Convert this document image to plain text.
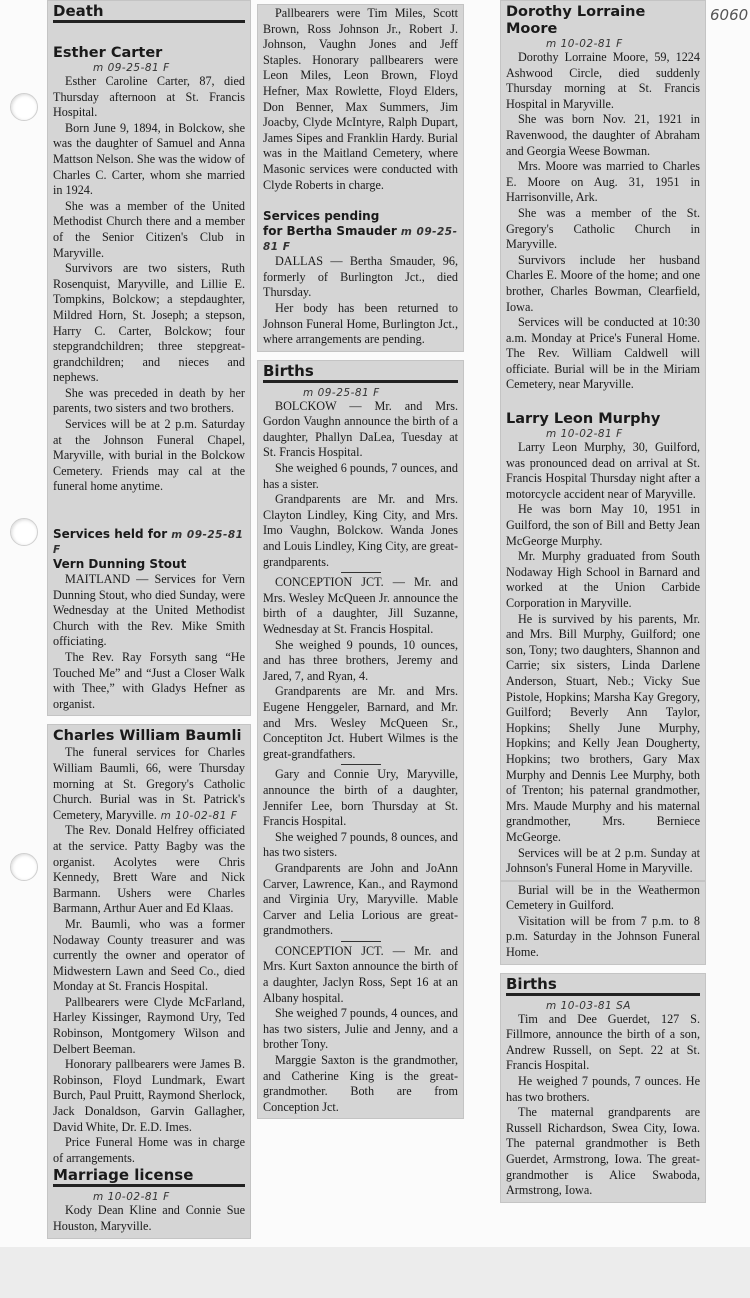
6060
Death
Esther Carter
m 09-25-81 F

Esther Caroline Carter, 87, died Thursday afternoon at St. Francis Hospital.

Born June 9, 1894, in Bolckow, she was the daughter of Samuel and Anna Mattson Nelson. She was the widow of Charles C. Carter, whom she married in 1924.

She was a member of the United Methodist Church there and a member of the Senior Citizen's Club in Maryville.

Survivors are two sisters, Ruth Rosenquist, Maryville, and Lillie E. Tompkins, Bolckow; a stepdaughter, Mildred Horn, St. Joseph; a stepson, Harry C. Carter, Bolckow; four stepgrandchildren; three stepgreat-grandchildren; and nieces and nephews.

She was preceded in death by her parents, two sisters and two brothers.

Services will be at 2 p.m. Saturday at the Johnson Funeral Chapel, Maryville, with burial in the Bolckow Cemetery. Friends may cal at the funeral home anytime.

Services held for m 09-25-81 F
Vern Dunning Stout

MAITLAND — Services for Vern Dunning Stout, who died Sunday, were Wednesday at the United Methodist Church with the Rev. Mike Smith officiating.

The Rev. Ray Forsyth sang “He Touched Me” and “Just a Closer Walk with Thee,” with Gladys Hefner as organist.

Charles William Baumli

The funeral services for Charles William Baumli, 66, were Thursday morning at St. Gregory's Catholic Church. Burial was in St. Patrick's Cemetery, Maryville. m 10-02-81 F

The Rev. Donald Helfrey officiated at the service. Patty Bagby was the organist. Acolytes were Chris Kennedy, Brett Ware and Nick Barmann. Ushers were Charles Barmann, Arthur Auer and Ed Klaas.

Mr. Baumli, who was a former Nodaway County treasurer and was currently the owner and operator of Midwestern Lawn and Seed Co., died Monday at St. Francis Hospital.

Pallbearers were Clyde McFarland, Harley Kissinger, Raymond Ury, Ted Robinson, Montgomery Wilson and Delbert Beeman.

Honorary pallbearers were James B. Robinson, Floyd Lundmark, Ewart Burch, Paul Pruitt, Raymond Sherlock, Jack Donaldson, Garvin Gallagher, David White, Dr. E.D. Imes.

Price Funeral Home was in charge of arrangements.

Marriage license
m 10-02-81 F

Kody Dean Kline and Connie Sue Houston, Maryville.

Pallbearers were Tim Miles, Scott Brown, Ross Johnson Jr., Robert J. Johnson, Vaughn Jones and Jeff Staples. Honorary pallbearers were Leon Miles, Leon Brown, Floyd Hefner, Max Rowlette, Floyd Elders, Don Benner, Max Summers, Jim Joacby, Clyde McIntyre, Ralph Dupart, James Sipes and Franklin Hardy. Burial was in the Maitland Cemetery, where Masonic services were conducted with Clyde Roberts in charge.

Services pending
for Bertha Smauder m 09-25-81 F

DALLAS — Bertha Smauder, 96, formerly of Burlington Jct., died Thursday.

Her body has been returned to Johnson Funeral Home, Burlington Jct., where arrangements are pending.

Births
m 09-25-81 F

BOLCKOW — Mr. and Mrs. Gordon Vaughn announce the birth of a daughter, Phallyn DaLea, Tuesday at St. Francis Hospital.

She weighed 6 pounds, 7 ounces, and has a sister.

Grandparents are Mr. and Mrs. Clayton Lindley, King City, and Mrs. Imo Vaughn, Bolckow. Wanda Jones and Louis Lindley, King City, are great-grandparents.

CONCEPTION JCT. — Mr. and Mrs. Wesley McQueen Jr. announce the birth of a daughter, Jill Suzanne, Wednesday at St. Francis Hospital.

She weighed 9 pounds, 10 ounces, and has three brothers, Jeremy and Jared, 7, and Ryan, 4.

Grandparents are Mr. and Mrs. Eugene Henggeler, Barnard, and Mr. and Mrs. Wesley McQueen Sr., Conceptiton Jct. Hubert Wilmes is the great-grandfathers.

Gary and Connie Ury, Maryville, announce the birth of a daughter, Jennifer Lee, born Thursday at St. Francis Hospital.

She weighed 7 pounds, 8 ounces, and has two sisters.

Grandparents are John and JoAnn Carver, Lawrence, Kan., and Raymond and Virginia Ury, Maryville. Mable Carver and Lelia Lorious are great-grandmothers.

CONCEPTION JCT. — Mr. and Mrs. Kurt Saxton announce the birth of a daughter, Jaclyn Ross, Sept 16 at an Albany hospital.

She weighed 7 pounds, 4 ounces, and has two sisters, Julie and Jenny, and a brother Tony.

Marggie Saxton is the grandmother, and Catherine King is the great-grandmother. Both are from Conception Jct.

Dorothy Lorraine Moore
m 10-02-81 F

Dorothy Lorraine Moore, 59, 1224 Ashwood Circle, died suddenly Thursday morning at St. Francis Hospital in Maryville.

She was born Nov. 21, 1921 in Ravenwood, the daughter of Abraham and Georgia Weese Bowman.

Mrs. Moore was married to Charles E. Moore on Aug. 31, 1951 in Harrisonville, Ark.

She was a member of the St. Gregory's Catholic Church in Maryville.

Survivors include her husband Charles E. Moore of the home; and one brother, Charles Bowman, Clearfield, Iowa.

Services will be conducted at 10:30 a.m. Monday at Price's Funeral Home. The Rev. William Caldwell will officiate. Burial will be in the Miriam Cemetery, near Maryville.

Larry Leon Murphy
m 10-02-81 F

Larry Leon Murphy, 30, Guilford, was pronounced dead on arrival at St. Francis Hospital Thursday night after a motorcycle accident near of Maryville.

He was born May 10, 1951 in Guilford, the son of Bill and Betty Jean McGeorge Murphy.

Mr. Murphy graduated from South Nodaway High School in Barnard and worked at the Union Carbide Corporation in Maryville.

He is survived by his parents, Mr. and Mrs. Bill Murphy, Guilford; one son, Tony; two daughters, Shannon and Carrie; six sisters, Linda Darlene Anderson, Stuart, Neb.; Vicky Sue Pistole, Hopkins; Marsha Kay Gregory, Guilford; Beverly Ann Taylor, Hopkins; Shelly June Murphy, Hopkins; and Kelly Jean Dougherty, Hopkins; two brothers, Gary Max Murphy and Dennis Lee Murphy, both of Trenton; his paternal grandmother, Mrs. Maude Murphy and his maternal grandmother, Mrs. Berniece McGeorge.

Services will be at 2 p.m. Sunday at Johnson's Funeral Home in Maryville.

Burial will be in the Weathermon Cemetery in Guilford.

Visitation will be from 7 p.m. to 8 p.m. Saturday in the Johnson Funeral Home.

Births
m 10-03-81 SA

Tim and Dee Guerdet, 127 S. Fillmore, announce the birth of a son, Andrew Russell, on Sept. 22 at St. Francis Hospital.

He weighed 7 pounds, 7 ounces. He has two brothers.

The maternal grandparents are Russell Richardson, Swea City, Iowa. The paternal grandmother is Beth Guerdet, Armstrong, Iowa. The great-grandmother is Alice Swaboda, Armstrong, Iowa.
